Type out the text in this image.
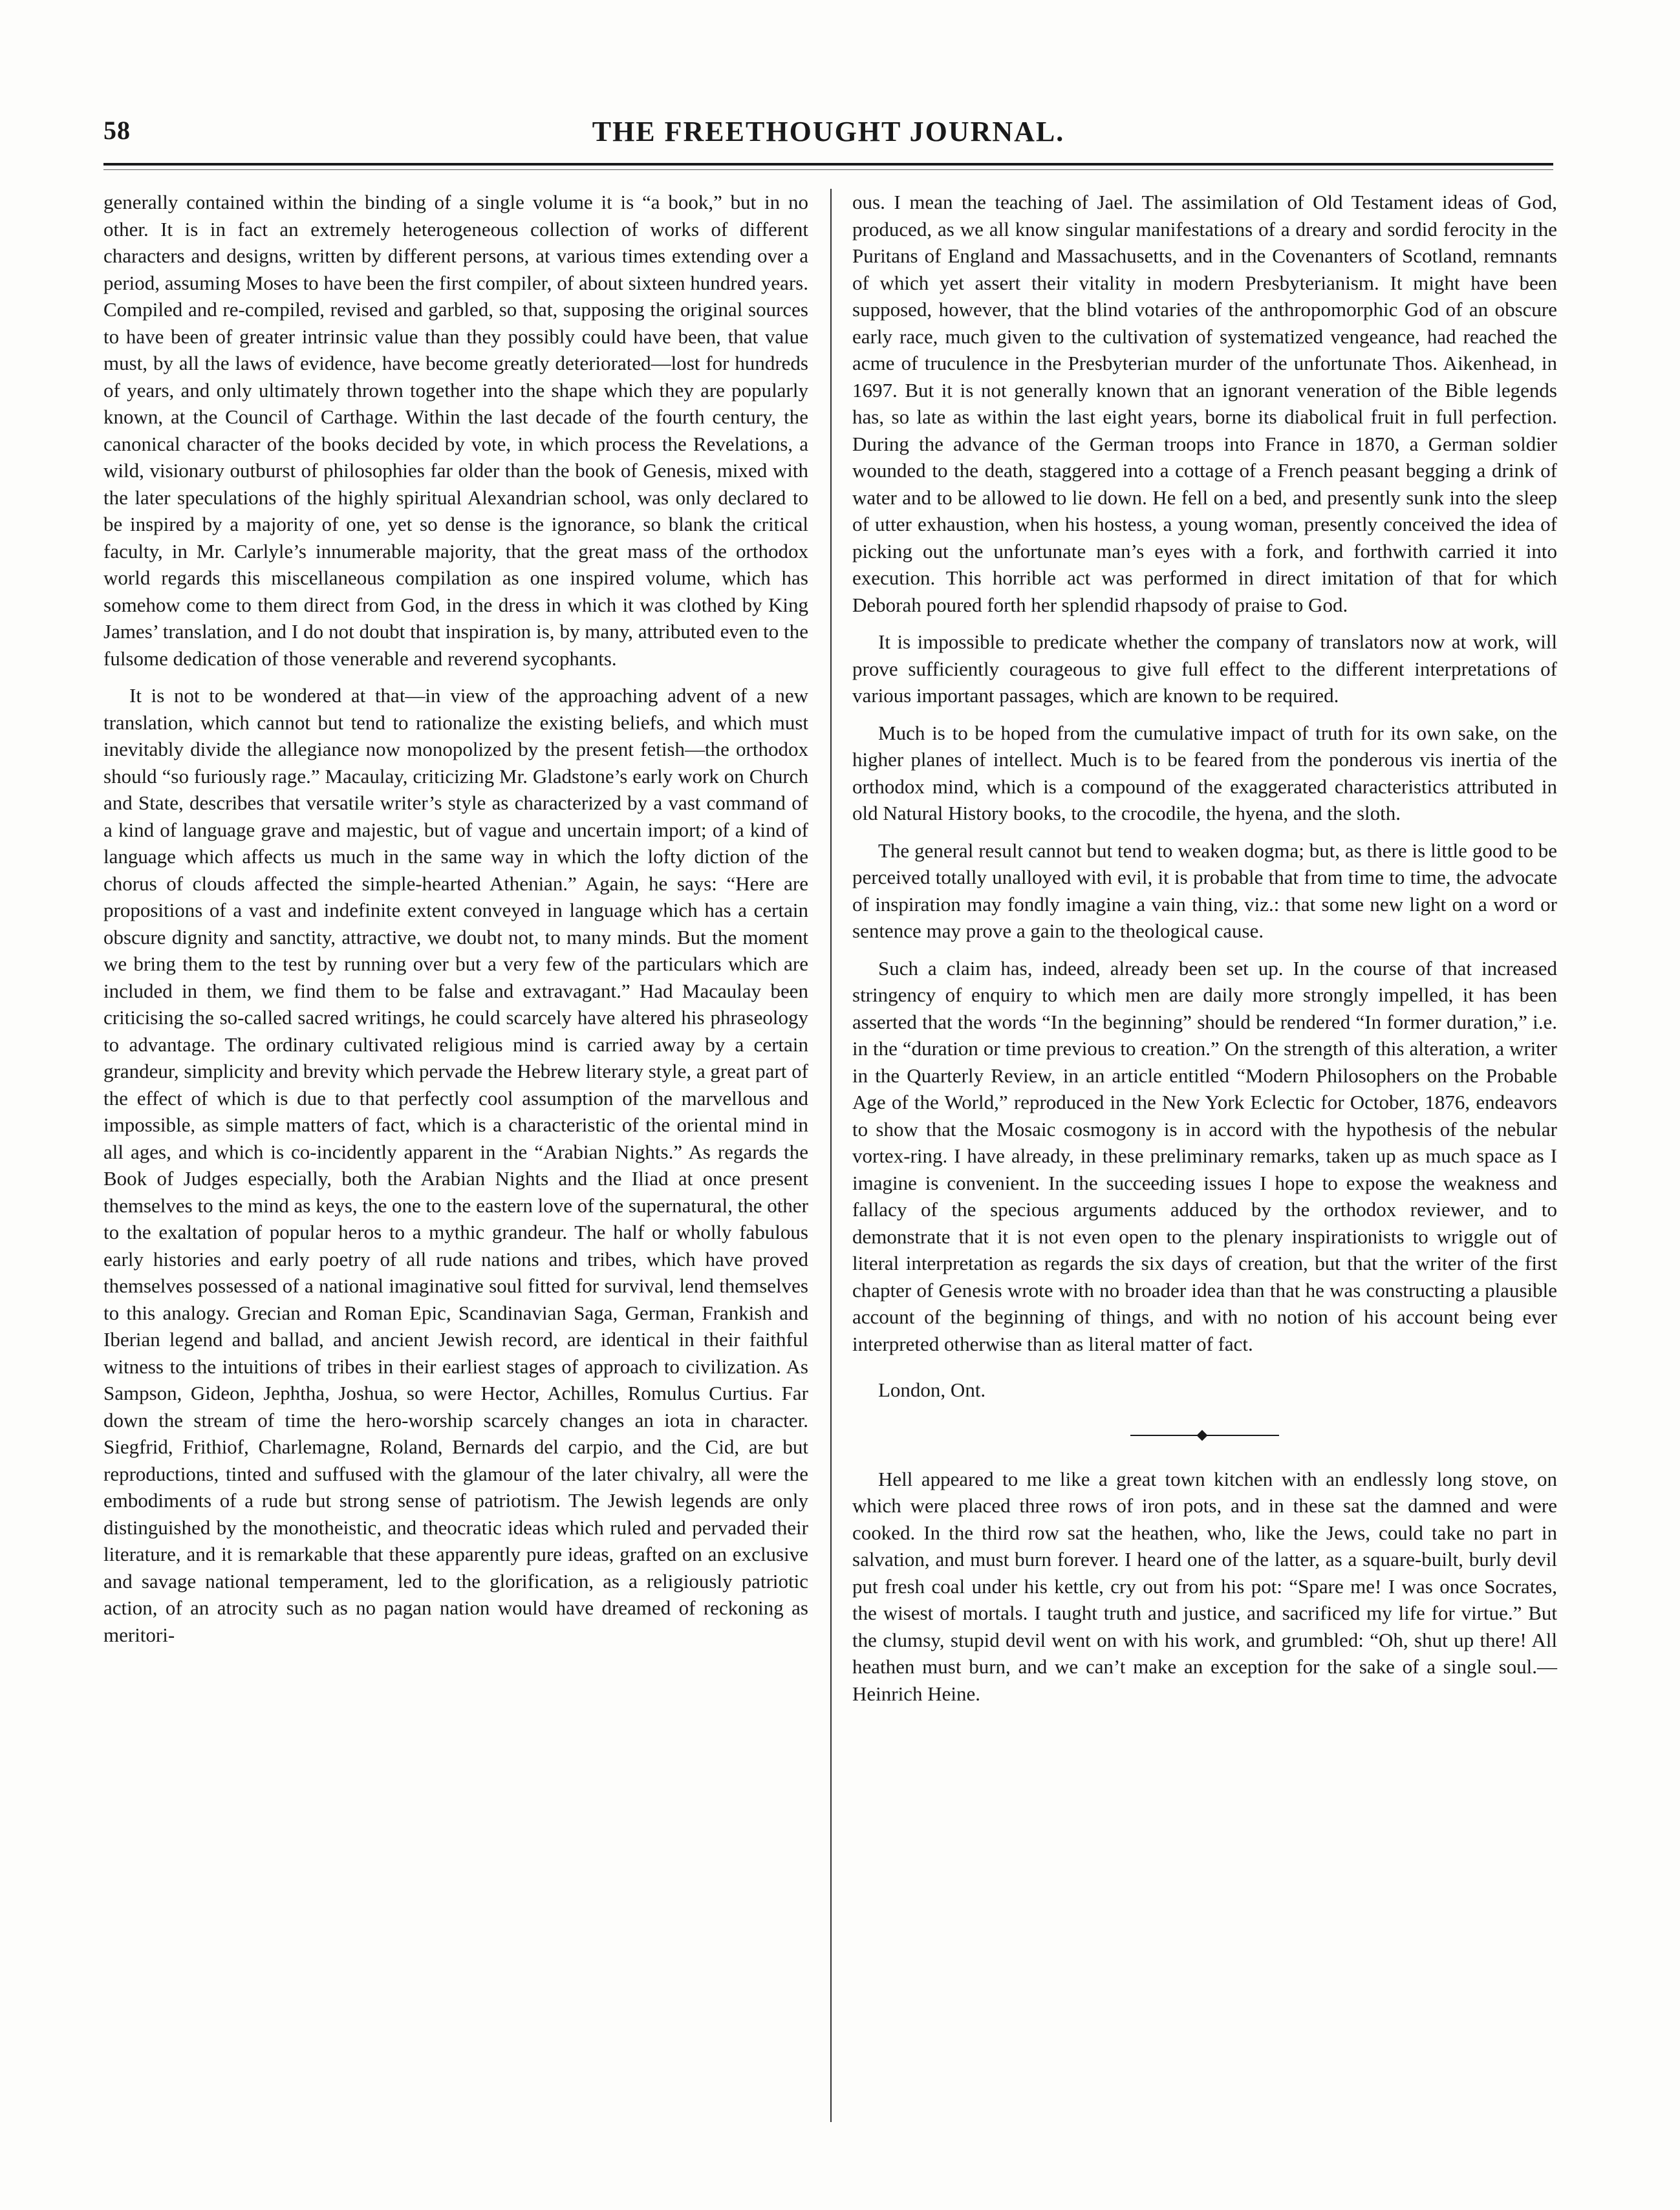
58	THE FREETHOUGHT JOURNAL.

generally contained within the binding of a single volume it is “a book,” but in no other. It is in fact an extremely heterogeneous collection of works of different characters and designs, written by different persons, at various times extending over a period, assuming Moses to have been the first compiler, of about sixteen hundred years. Compiled and re-compiled, revised and garbled, so that, supposing the original sources to have been of greater intrinsic value than they possibly could have been, that value must, by all the laws of evidence, have become greatly deteriorated—lost for hundreds of years, and only ultimately thrown together into the shape which they are popularly known, at the Council of Carthage. Within the last decade of the fourth century, the canonical character of the books decided by vote, in which process the Revelations, a wild, visionary outburst of philosophies far older than the book of Genesis, mixed with the later speculations of the highly spiritual Alexandrian school, was only declared to be inspired by a majority of one, yet so dense is the ignorance, so blank the critical faculty, in Mr. Carlyle’s innumerable majority, that the great mass of the orthodox world regards this miscellaneous compilation as one inspired volume, which has somehow come to them direct from God, in the dress in which it was clothed by King James’ translation, and I do not doubt that inspiration is, by many, attributed even to the fulsome dedication of those venerable and reverend sycophants.

It is not to be wondered at that—in view of the approaching advent of a new translation, which cannot but tend to rationalize the existing beliefs, and which must inevitably divide the allegiance now monopolized by the present fetish—the orthodox should “so furiously rage.” Macaulay, criticizing Mr. Gladstone’s early work on Church and State, describes that versatile writer’s style as characterized by a vast command of a kind of language grave and majestic, but of vague and uncertain import; of a kind of language which affects us much in the same way in which the lofty diction of the chorus of clouds affected the simple-hearted Athenian.” Again, he says: “Here are propositions of a vast and indefinite extent conveyed in language which has a certain obscure dignity and sanctity, attractive, we doubt not, to many minds. But the moment we bring them to the test by running over but a very few of the particulars which are included in them, we find them to be false and extravagant.” Had Macaulay been criticising the so-called sacred writings, he could scarcely have altered his phraseology to advantage. The ordinary cultivated religious mind is carried away by a certain grandeur, simplicity and brevity which pervade the Hebrew literary style, a great part of the effect of which is due to that perfectly cool assumption of the marvellous and impossible, as simple matters of fact, which is a characteristic of the oriental mind in all ages, and which is co-incidently apparent in the “Arabian Nights.” As regards the Book of Judges especially, both the Arabian Nights and the Iliad at once present themselves to the mind as keys, the one to the eastern love of the supernatural, the other to the exaltation of popular heros to a mythic grandeur. The half or wholly fabulous early histories and early poetry of all rude nations and tribes, which have proved themselves possessed of a national imaginative soul fitted for survival, lend themselves to this analogy. Grecian and Roman Epic, Scandinavian Saga, German, Frankish and Iberian legend and ballad, and ancient Jewish record, are identical in their faithful witness to the intuitions of tribes in their earliest stages of approach to civilization. As Sampson, Gideon, Jephtha, Joshua, so were Hector, Achilles, Romulus Curtius. Far down the stream of time the hero-worship scarcely changes an iota in character. Siegfrid, Frithiof, Charlemagne, Roland, Bernards del carpio, and the Cid, are but reproductions, tinted and suffused with the glamour of the later chivalry, all were the embodiments of a rude but strong sense of patriotism. The Jewish legends are only distinguished by the monotheistic, and theocratic ideas which ruled and pervaded their literature, and it is remarkable that these apparently pure ideas, grafted on an exclusive and savage national temperament, led to the glorification, as a religiously patriotic action, of an atrocity such as no pagan nation would have dreamed of reckoning as meritori-

ous. I mean the teaching of Jael. The assimilation of Old Testament ideas of God, produced, as we all know singular manifestations of a dreary and sordid ferocity in the Puritans of England and Massachusetts, and in the Covenanters of Scotland, remnants of which yet assert their vitality in modern Presbyterianism. It might have been supposed, however, that the blind votaries of the anthropomorphic God of an obscure early race, much given to the cultivation of systematized vengeance, had reached the acme of truculence in the Presbyterian murder of the unfortunate Thos. Aikenhead, in 1697. But it is not generally known that an ignorant veneration of the Bible legends has, so late as within the last eight years, borne its diabolical fruit in full perfection. During the advance of the German troops into France in 1870, a German soldier wounded to the death, staggered into a cottage of a French peasant begging a drink of water and to be allowed to lie down. He fell on a bed, and presently sunk into the sleep of utter exhaustion, when his hostess, a young woman, presently conceived the idea of picking out the unfortunate man’s eyes with a fork, and forthwith carried it into execution. This horrible act was performed in direct imitation of that for which Deborah poured forth her splendid rhapsody of praise to God.

It is impossible to predicate whether the company of translators now at work, will prove sufficiently courageous to give full effect to the different interpretations of various important passages, which are known to be required.

Much is to be hoped from the cumulative impact of truth for its own sake, on the higher planes of intellect. Much is to be feared from the ponderous vis inertia of the orthodox mind, which is a compound of the exaggerated characteristics attributed in old Natural History books, to the crocodile, the hyena, and the sloth.

The general result cannot but tend to weaken dogma; but, as there is little good to be perceived totally unalloyed with evil, it is probable that from time to time, the advocate of inspiration may fondly imagine a vain thing, viz.: that some new light on a word or sentence may prove a gain to the theological cause.

Such a claim has, indeed, already been set up. In the course of that increased stringency of enquiry to which men are daily more strongly impelled, it has been asserted that the words “In the beginning” should be rendered “In former duration,” i.e. in the “duration or time previous to creation.” On the strength of this alteration, a writer in the Quarterly Review, in an article entitled “Modern Philosophers on the Probable Age of the World,” reproduced in the New York Eclectic for October, 1876, endeavors to show that the Mosaic cosmogony is in accord with the hypothesis of the nebular vortex-ring. I have already, in these preliminary remarks, taken up as much space as I imagine is convenient. In the succeeding issues I hope to expose the weakness and fallacy of the specious arguments adduced by the orthodox reviewer, and to demonstrate that it is not even open to the plenary inspirationists to wriggle out of literal interpretation as regards the six days of creation, but that the writer of the first chapter of Genesis wrote with no broader idea than that he was constructing a plausible account of the beginning of things, and with no notion of his account being ever interpreted otherwise than as literal matter of fact.

London, Ont.

Hell appeared to me like a great town kitchen with an endlessly long stove, on which were placed three rows of iron pots, and in these sat the damned and were cooked. In the third row sat the heathen, who, like the Jews, could take no part in salvation, and must burn forever. I heard one of the latter, as a square-built, burly devil put fresh coal under his kettle, cry out from his pot: “Spare me! I was once Socrates, the wisest of mortals. I taught truth and justice, and sacrificed my life for virtue.” But the clumsy, stupid devil went on with his work, and grumbled: “Oh, shut up there! All heathen must burn, and we can’t make an exception for the sake of a single soul.—Heinrich Heine.
